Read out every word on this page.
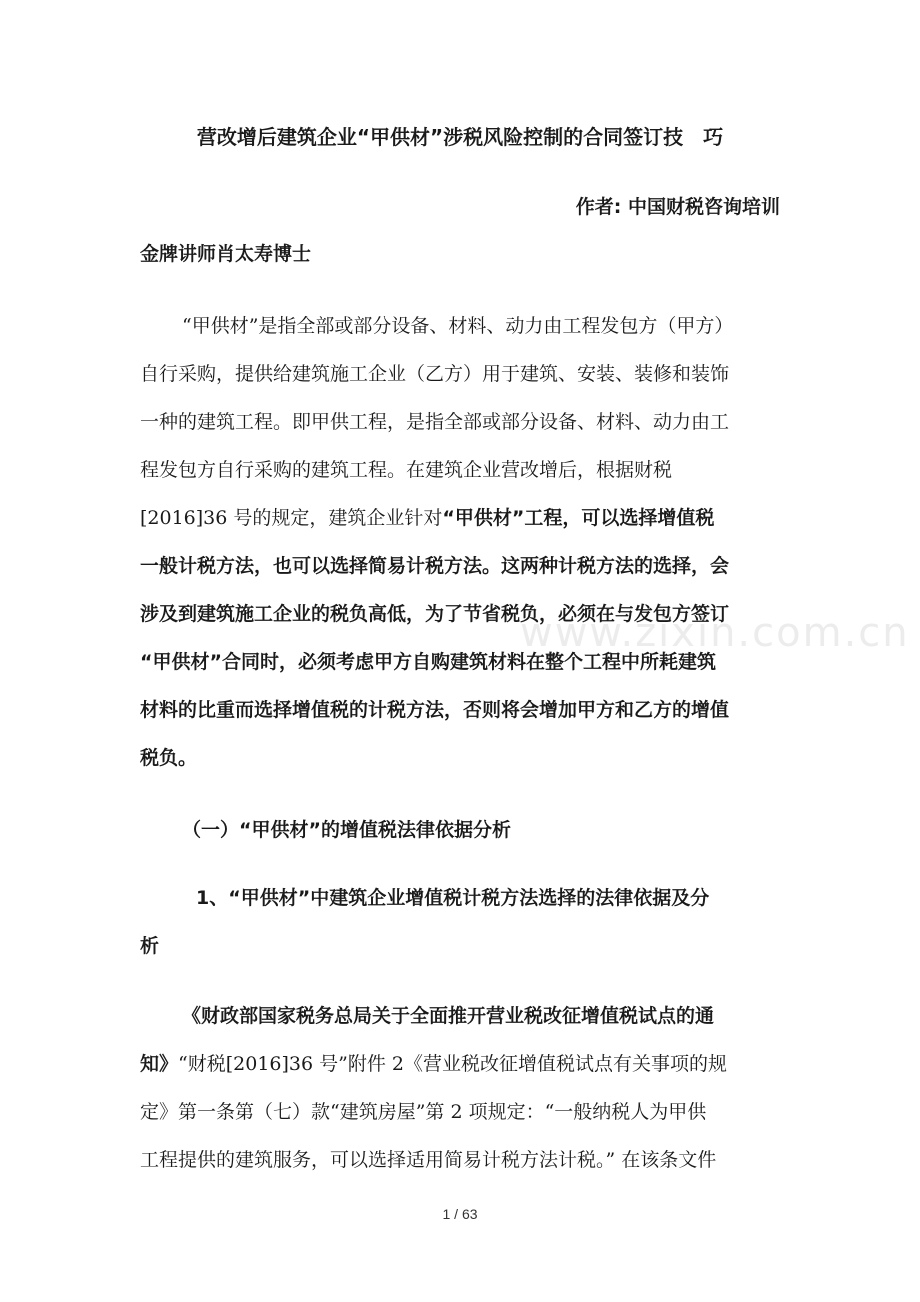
营改增后建筑企业“甲供材”涉税风险控制的合同签订技　巧
作者: 中国财税咨询培训
金牌讲师肖太寿博士
“甲供材”是指全部或部分设备、材料、动力由工程发包方（甲方）
自行采购，提供给建筑施工企业（乙方）用于建筑、安装、装修和装饰
一种的建筑工程。即甲供工程，是指全部或部分设备、材料、动力由工
程发包方自行采购的建筑工程。在建筑企业营改增后，根据财税
[2016]36 号的规定，建筑企业针对“甲供材”工程，可以选择增值税
一般计税方法，也可以选择简易计税方法。这两种计税方法的选择，会
涉及到建筑施工企业的税负高低，为了节省税负，必须在与发包方签订
“甲供材”合同时，必须考虑甲方自购建筑材料在整个工程中所耗建筑
材料的比重而选择增值税的计税方法，否则将会增加甲方和乙方的增值
税负。
www.zixin.com.cn
（一）“甲供材”的增值税法律依据分析
1、“甲供材”中建筑企业增值税计税方法选择的法律依据及分
析
《财政部国家税务总局关于全面推开营业税改征增值税试点的通
知》“财税[2016]36 号”附件 2《营业税改征增值税试点有关事项的规
定》第一条第（七）款“建筑房屋”第 2 项规定：“一般纳税人为甲供
工程提供的建筑服务，可以选择适用简易计税方法计税。” 在该条文件
1 / 63
